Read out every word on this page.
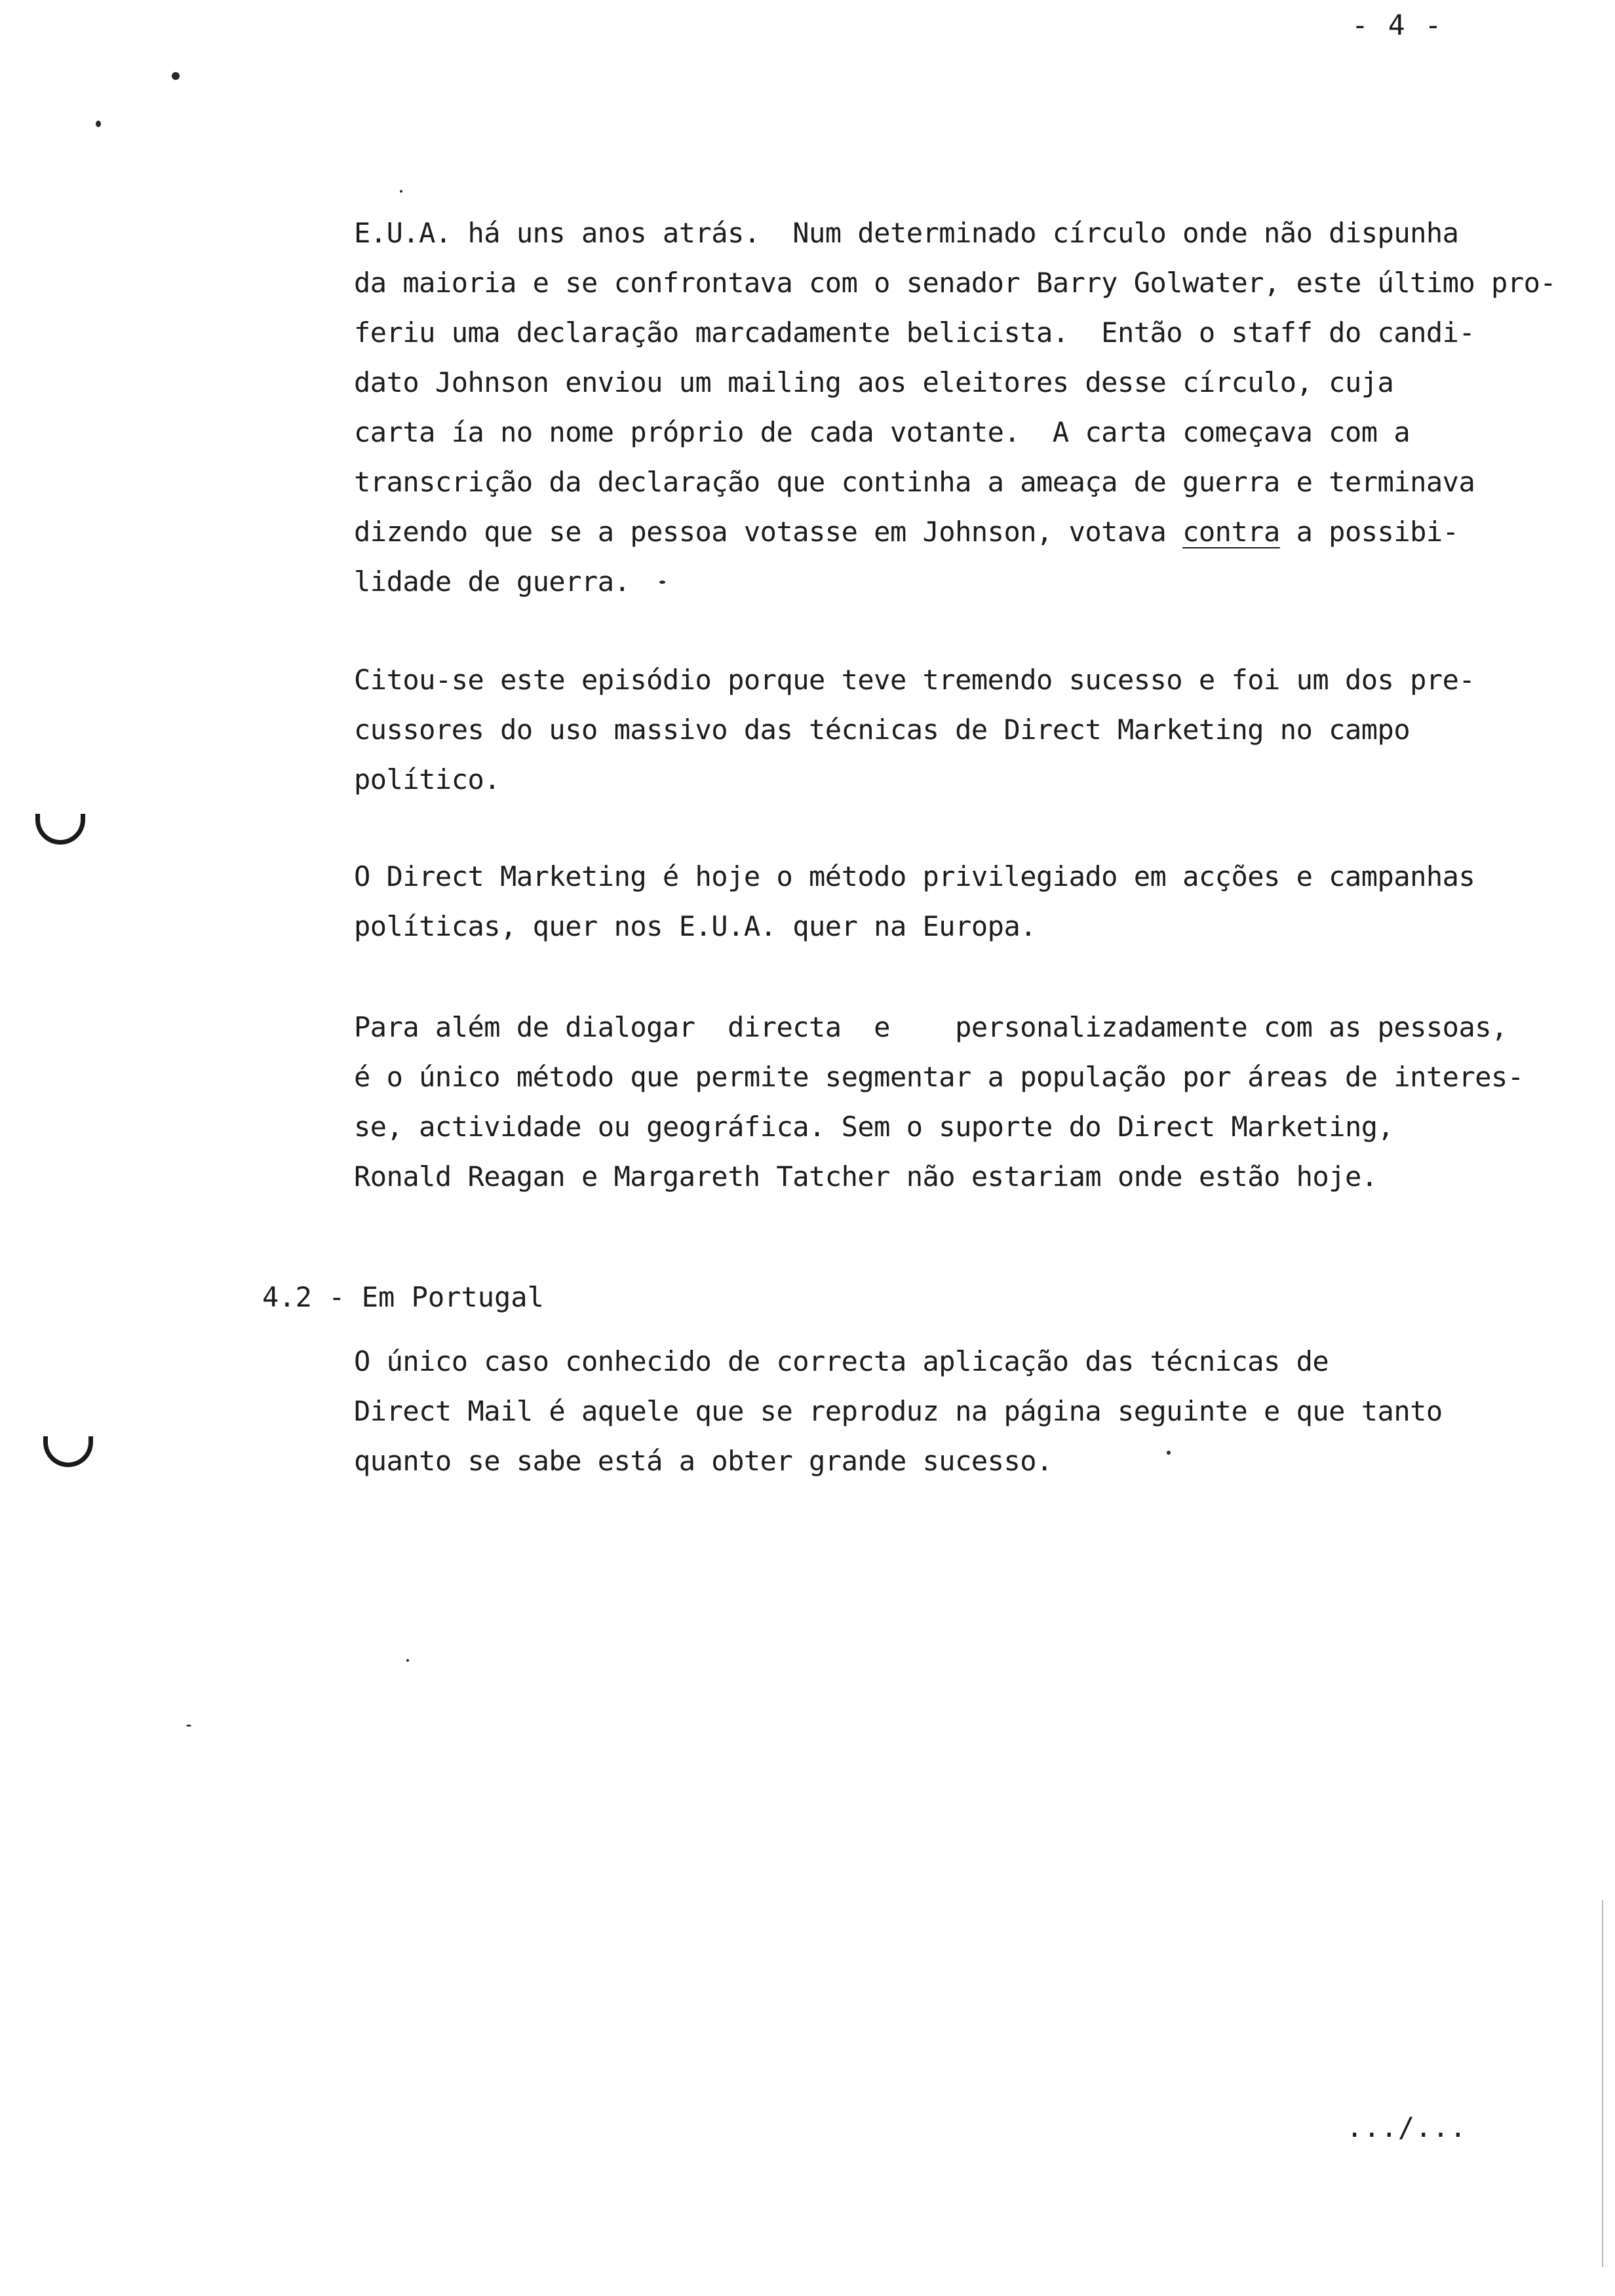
- 4 -

E.U.A. há uns anos atrás.  Num determinado círculo onde não dispunha
da maioria e se confrontava com o senador Barry Golwater, este último pro-
feriu uma declaração marcadamente belicista.  Então o staff do candi-
dato Johnson enviou um mailing aos eleitores desse círculo, cuja
carta ía no nome próprio de cada votante.  A carta começava com a
transcrição da declaração que continha a ameaça de guerra e terminava
dizendo que se a pessoa votasse em Johnson, votava contra a possibi-
lidade de guerra.

Citou-se este episódio porque teve tremendo sucesso e foi um dos pre-
cussores do uso massivo das técnicas de Direct Marketing no campo
político.

O Direct Marketing é hoje o método privilegiado em acções e campanhas
políticas, quer nos E.U.A. quer na Europa.

Para além de dialogar  directa  e    personalizadamente com as pessoas,
é o único método que permite segmentar a população por áreas de interes-
se, actividade ou geográfica. Sem o suporte do Direct Marketing,
Ronald Reagan e Margareth Tatcher não estariam onde estão hoje.

4.2 - Em Portugal

O único caso conhecido de correcta aplicação das técnicas de
Direct Mail é aquele que se reproduz na página seguinte e que tanto
quanto se sabe está a obter grande sucesso.

.../...
